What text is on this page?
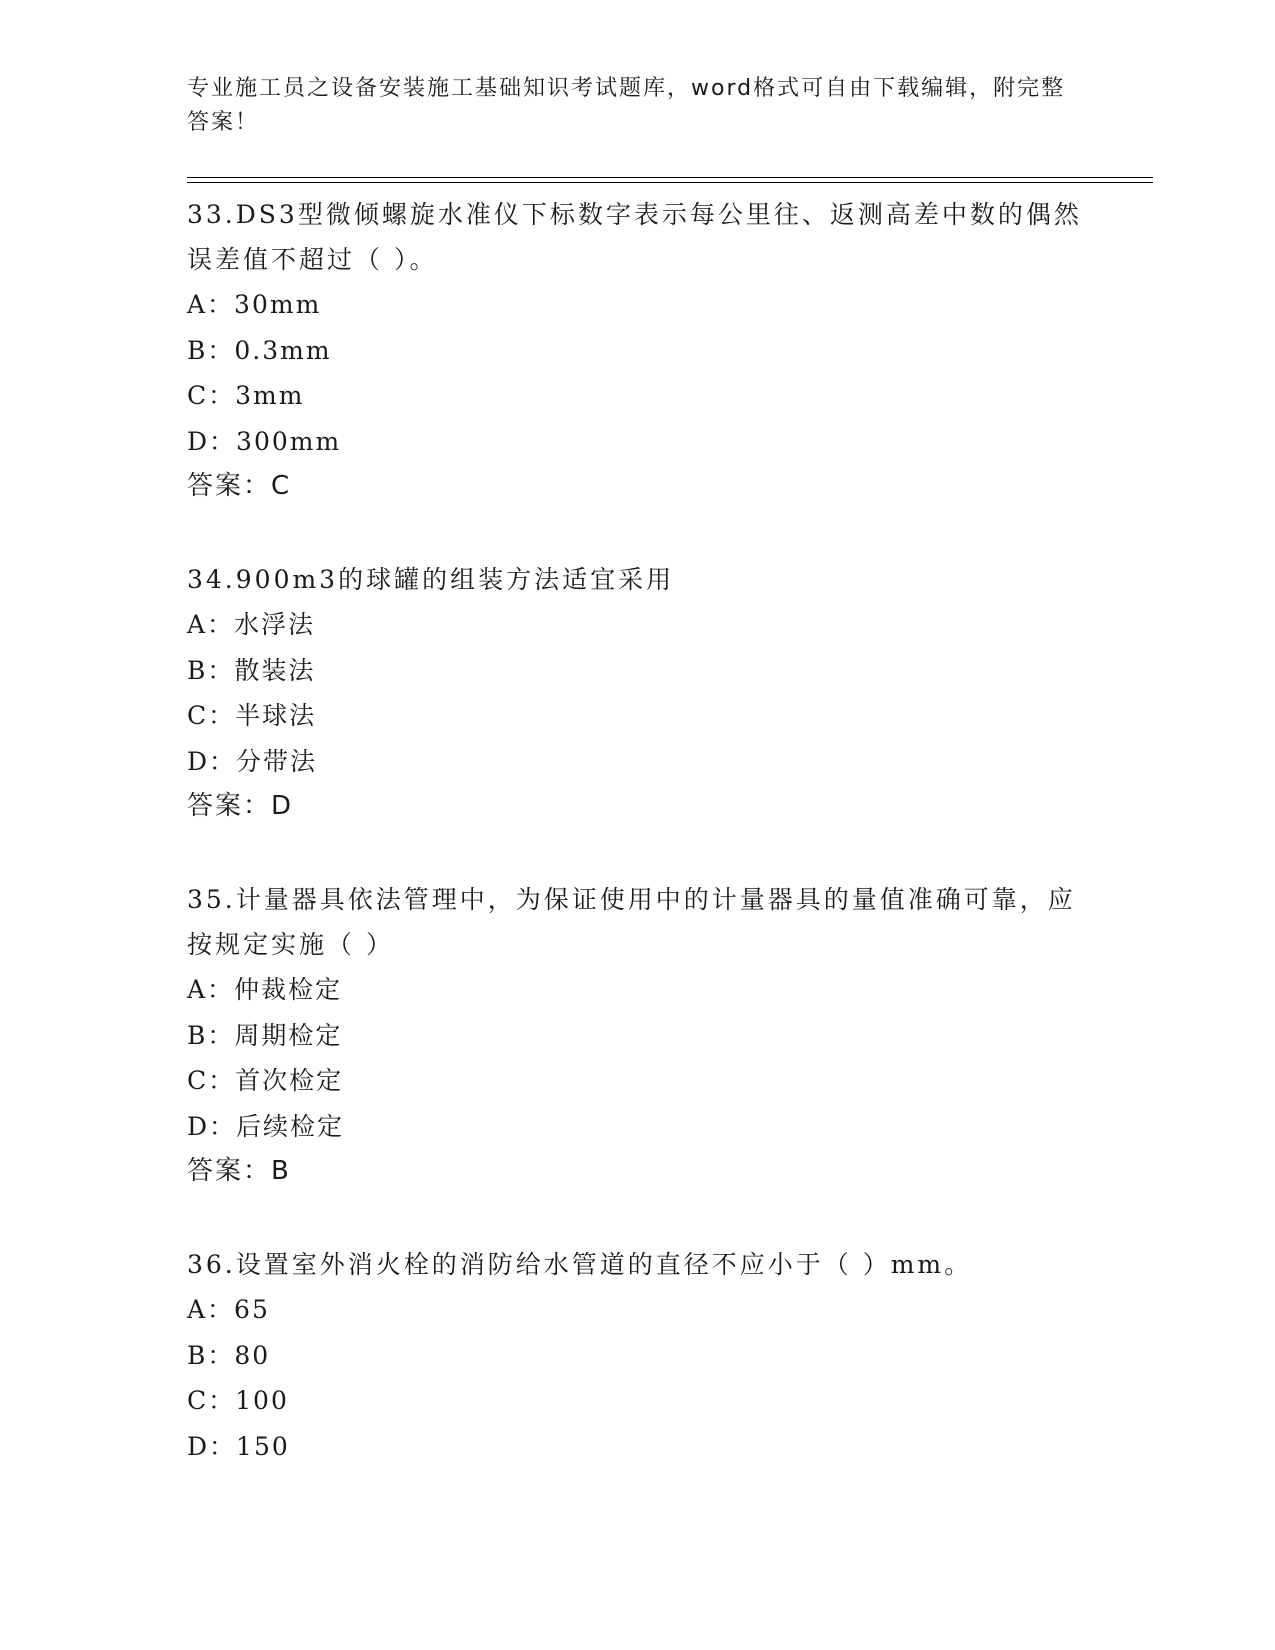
专业施工员之设备安装施工基础知识考试题库，word格式可自由下载编辑，附完整答案！
33.DS3型微倾螺旋水准仪下标数字表示每公里往、返测高差中数的偶然误差值不超过（ ）。
A：30mm
B：0.3mm
C：3mm
D：300mm
答案：C
34.900m3的球罐的组装方法适宜采用
A：水浮法
B：散装法
C：半球法
D：分带法
答案：D
35.计量器具依法管理中，为保证使用中的计量器具的量值准确可靠，应按规定实施（ ）
A：仲裁检定
B：周期检定
C：首次检定
D：后续检定
答案：B
36.设置室外消火栓的消防给水管道的直径不应小于（ ）mm。
A：65
B：80
C：100
D：150
